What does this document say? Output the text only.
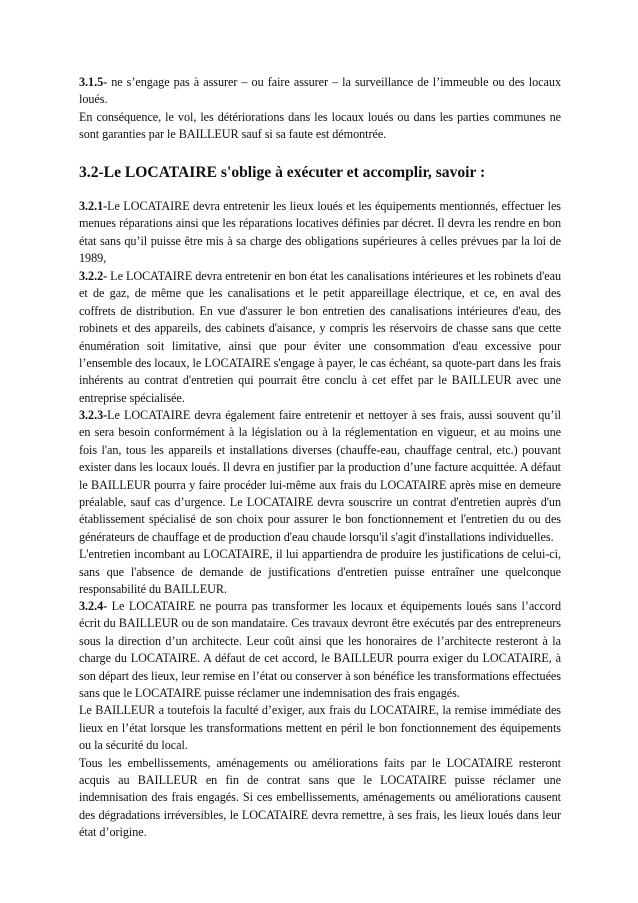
3.1.5- ne s’engage pas à assurer – ou faire assurer – la surveillance de l’immeuble ou des locaux loués.

En conséquence, le vol, les détériorations dans les locaux loués ou dans les parties communes ne sont garanties par le BAILLEUR sauf si sa faute est démontrée.

3.2-Le LOCATAIRE s'oblige à exécuter et accomplir, savoir :

3.2.1-Le LOCATAIRE devra entretenir les lieux loués et les équipements mentionnés, effectuer les menues réparations ainsi que les réparations locatives définies par décret. Il devra les rendre en bon état sans qu’il puisse être mis à sa charge des obligations supérieures à celles prévues par la loi de 1989,

3.2.2- Le LOCATAIRE devra entretenir en bon état les canalisations intérieures et les robinets d'eau et de gaz, de même que les canalisations et le petit appareillage électrique, et ce, en aval des coffrets de distribution. En vue d'assurer le bon entretien des canalisations intérieures d'eau, des robinets et des appareils, des cabinets d'aisance, y compris les réservoirs de chasse sans que cette énumération soit limitative, ainsi que pour éviter une consommation d'eau excessive pour l’ensemble des locaux, le LOCATAIRE s'engage à payer, le cas échéant, sa quote-part dans les frais inhérents au contrat d'entretien qui pourrait être conclu à cet effet par le BAILLEUR avec une entreprise spécialisée.

3.2.3-Le LOCATAIRE devra également faire entretenir et nettoyer à ses frais, aussi souvent qu’il en sera besoin conformément à la législation ou à la réglementation en vigueur, et au moins une fois l'an, tous les appareils et installations diverses (chauffe-eau, chauffage central, etc.) pouvant exister dans les locaux loués. Il devra en justifier par la production d’une facture acquittée. A défaut le BAILLEUR pourra y faire procéder lui-même aux frais du LOCATAIRE après mise en demeure préalable, sauf cas d’urgence. Le LOCATAIRE devra souscrire un contrat d'entretien auprès d'un établissement spécialisé de son choix pour assurer le bon fonctionnement et l'entretien du ou des générateurs de chauffage et de production d'eau chaude lorsqu'il s'agit d'installations individuelles.

L'entretien incombant au LOCATAIRE, il lui appartiendra de produire les justifications de celui-ci, sans que l'absence de demande de justifications d'entretien puisse entraîner une quelconque responsabilité du BAILLEUR.

3.2.4- Le LOCATAIRE ne pourra pas transformer les locaux et équipements loués sans l’accord écrit du BAILLEUR ou de son mandataire. Ces travaux devront être exécutés par des entrepreneurs sous la direction d’un architecte. Leur coût ainsi que les honoraires de l’architecte resteront à la charge du LOCATAIRE. A défaut de cet accord, le BAILLEUR pourra exiger du LOCATAIRE, à son départ des lieux, leur remise en l’état ou conserver à son bénéfice les transformations effectuées sans que le LOCATAIRE puisse réclamer une indemnisation des frais engagés.

Le BAILLEUR a toutefois la faculté d’exiger, aux frais du LOCATAIRE, la remise immédiate des lieux en l’état lorsque les transformations mettent en péril le bon fonctionnement des équipements ou la sécurité du local.

Tous les embellissements, aménagements ou améliorations faits par le LOCATAIRE resteront acquis au BAILLEUR en fin de contrat sans que le LOCATAIRE puisse réclamer une indemnisation des frais engagés. Si ces embellissements, aménagements ou améliorations causent des dégradations irréversibles, le LOCATAIRE devra remettre, à ses frais, les lieux loués dans leur état d’origine.
